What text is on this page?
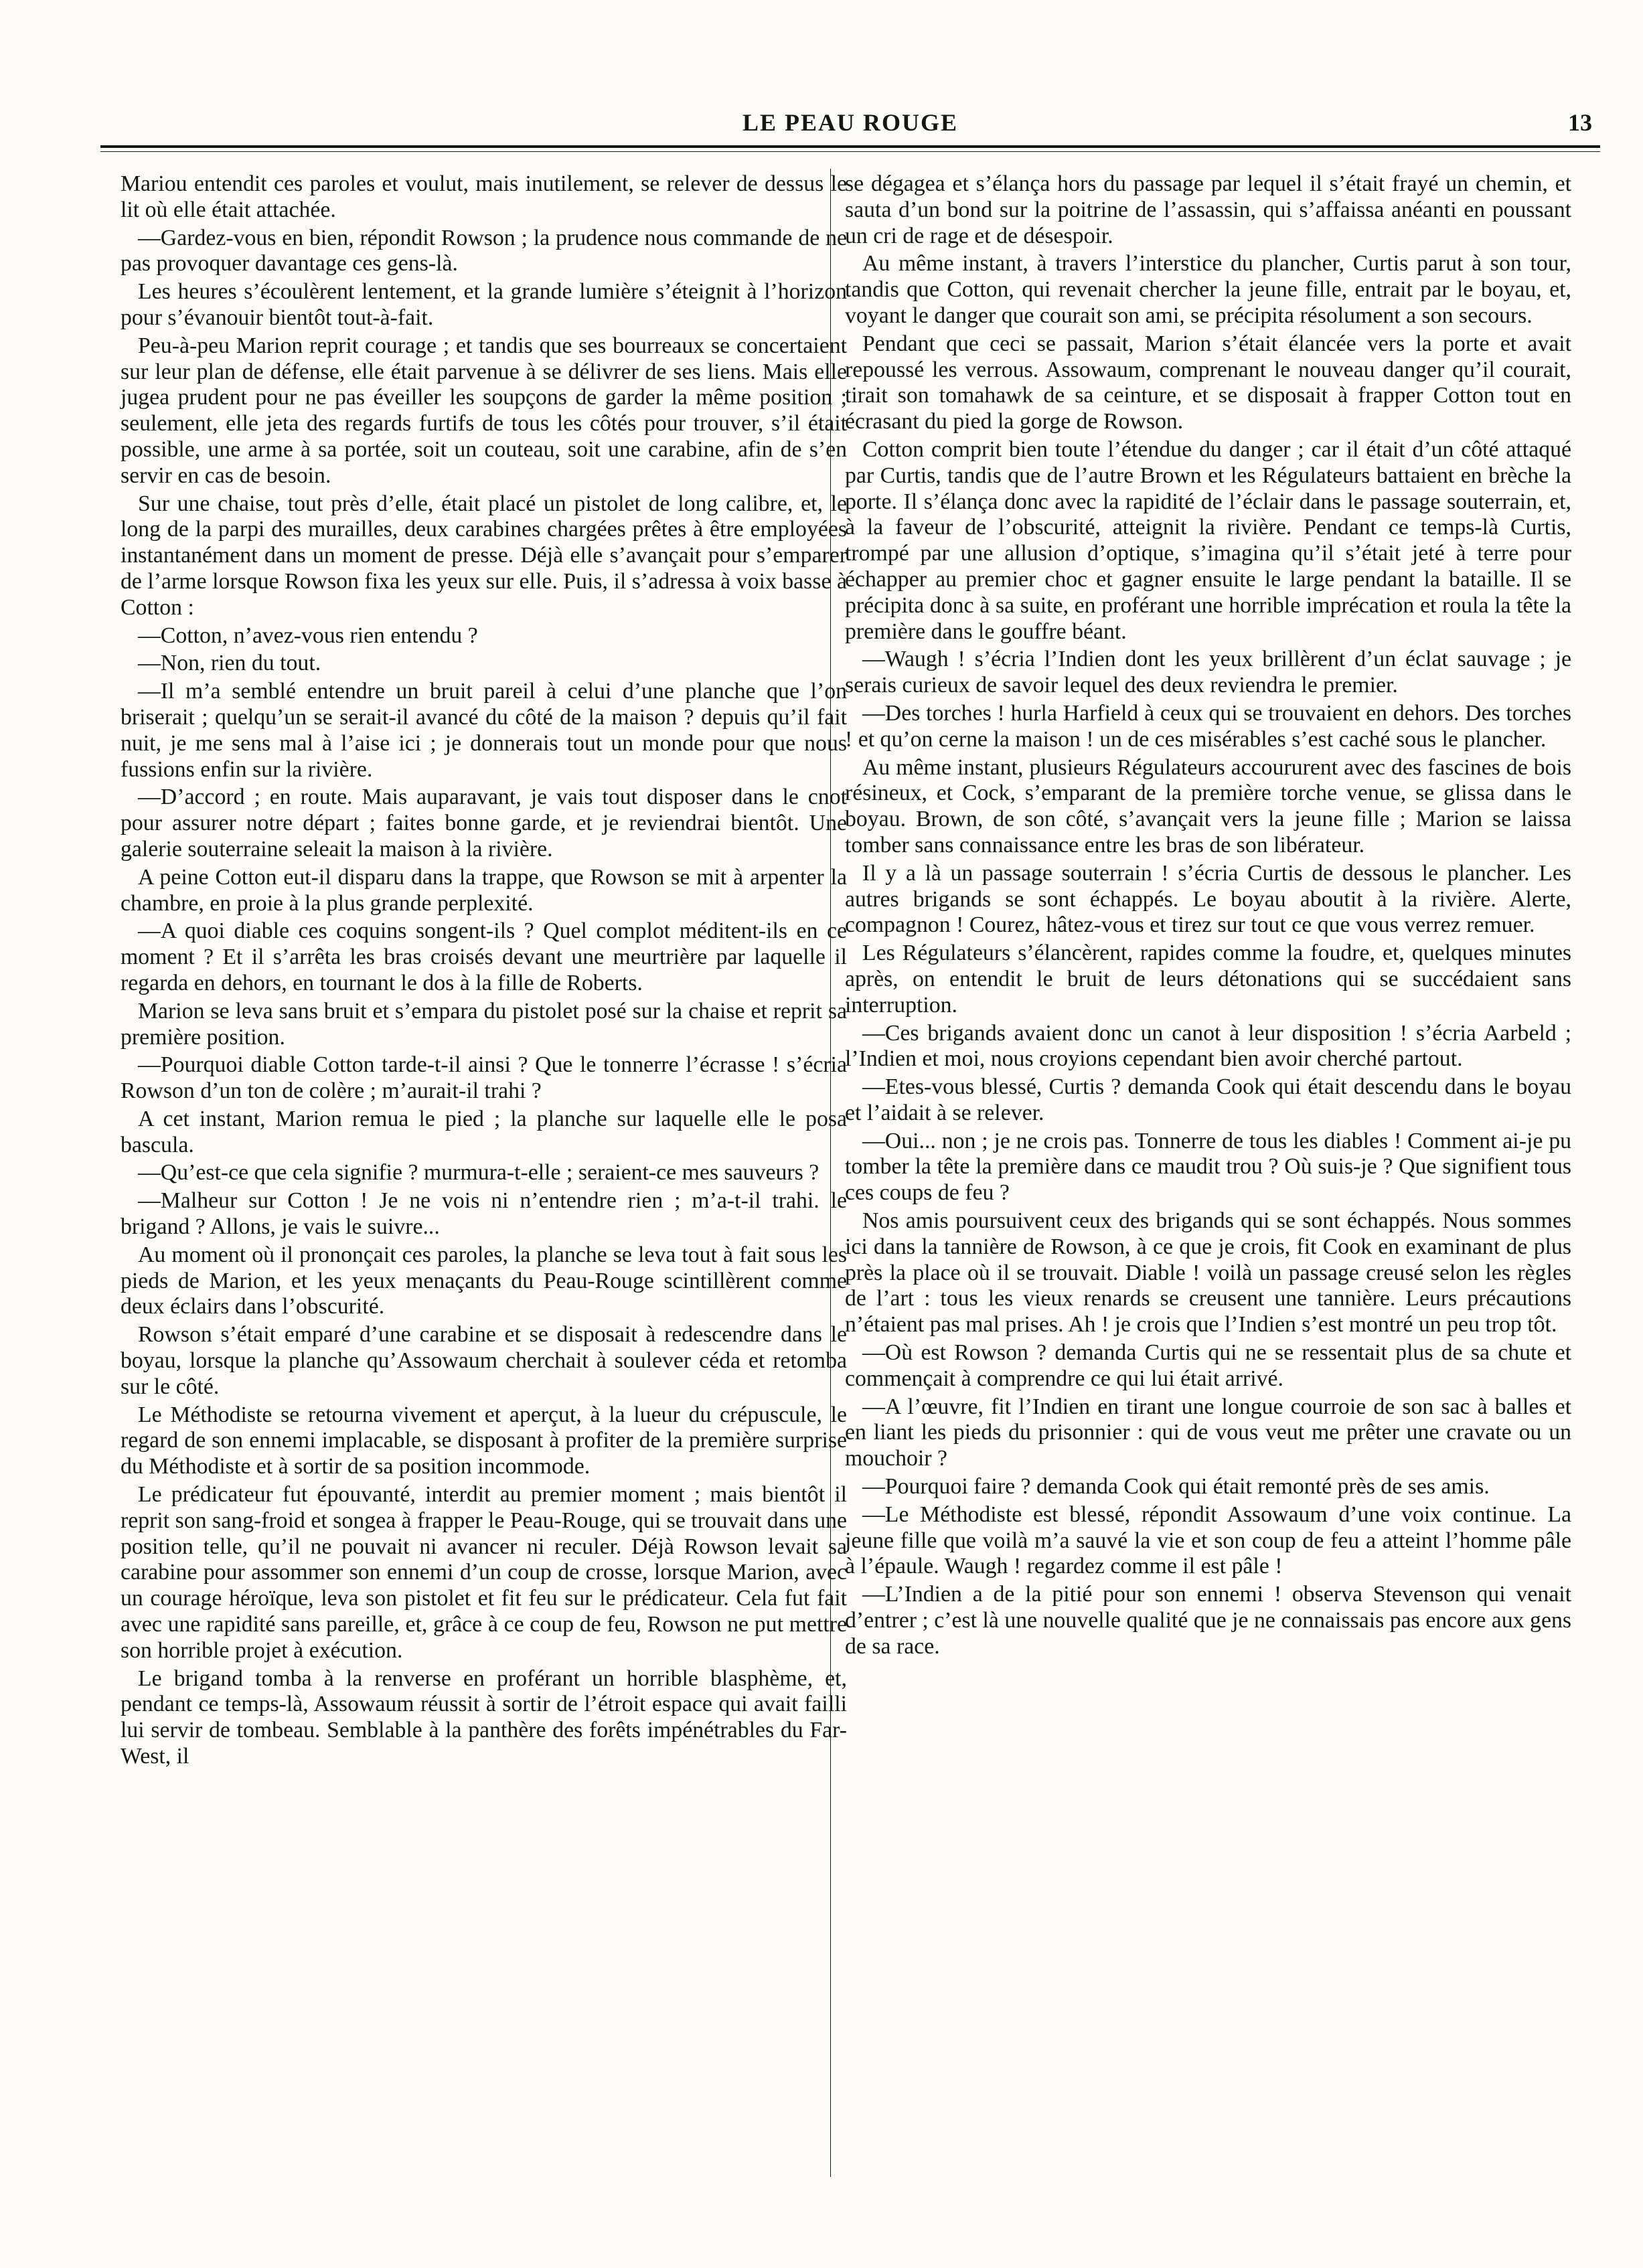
LE PEAU ROUGE	13

Mariou entendit ces paroles et voulut, mais inutilement, se relever de dessus le lit où elle était attachée.

—Gardez-vous en bien, répondit Rowson ; la prudence nous commande de ne pas provoquer davantage ces gens-là.

Les heures s’écoulèrent lentement, et la grande lumière s’éteignit à l’horizon pour s’évanouir bientôt tout-à-fait.

Peu-à-peu Marion reprit courage ; et tandis que ses bourreaux se concertaient sur leur plan de défense, elle était parvenue à se délivrer de ses liens. Mais elle jugea prudent pour ne pas éveiller les soupçons de garder la même position ; seulement, elle jeta des regards furtifs de tous les côtés pour trouver, s’il était possible, une arme à sa portée, soit un couteau, soit une carabine, afin de s’en servir en cas de besoin.

Sur une chaise, tout près d’elle, était placé un pistolet de long calibre, et, le long de la parpi des murailles, deux carabines chargées prêtes à être employées instantanément dans un moment de presse. Déjà elle s’avançait pour s’emparer de l’arme lorsque Rowson fixa les yeux sur elle. Puis, il s’adressa à voix basse à Cotton :

—Cotton, n’avez-vous rien entendu ?

—Non, rien du tout.

—Il m’a semblé entendre un bruit pareil à celui d’une planche que l’on briserait ; quelqu’un se serait-il avancé du côté de la maison ? depuis qu’il fait nuit, je me sens mal à l’aise ici ; je donnerais tout un monde pour que nous fussions enfin sur la rivière.

—D’accord ; en route. Mais auparavant, je vais tout disposer dans le cnot pour assurer notre départ ; faites bonne garde, et je reviendrai bientôt. Une galerie souterraine seleait la maison à la rivière.

A peine Cotton eut-il disparu dans la trappe, que Rowson se mit à arpenter la chambre, en proie à la plus grande perplexité.

—A quoi diable ces coquins songent-ils ? Quel complot méditent-ils en ce moment ? Et il s’arrêta les bras croisés devant une meurtrière par laquelle il regarda en dehors, en tournant le dos à la fille de Roberts.

Marion se leva sans bruit et s’empara du pistolet posé sur la chaise et reprit sa première position.

—Pourquoi diable Cotton tarde-t-il ainsi ? Que le tonnerre l’écrasse ! s’écria Rowson d’un ton de colère ; m’aurait-il trahi ?

A cet instant, Marion remua le pied ; la planche sur laquelle elle le posa bascula.

—Qu’est-ce que cela signifie ? murmura-t-elle ; seraient-ce mes sauveurs ?

—Malheur sur Cotton ! Je ne vois ni n’entendre rien ; m’a-t-il trahi. le brigand ? Allons, je vais le suivre...

Au moment où il prononçait ces paroles, la planche se leva tout à fait sous les pieds de Marion, et les yeux menaçants du Peau-Rouge scintillèrent comme deux éclairs dans l’obscurité.

Rowson s’était emparé d’une carabine et se disposait à redescendre dans le boyau, lorsque la planche qu’Assowaum cherchait à soulever céda et retomba sur le côté.

Le Méthodiste se retourna vivement et aperçut, à la lueur du crépuscule, le regard de son ennemi implacable, se disposant à profiter de la première surprise du Méthodiste et à sortir de sa position incommode.

Le prédicateur fut épouvanté, interdit au premier moment ; mais bientôt il reprit son sang-froid et songea à frapper le Peau-Rouge, qui se trouvait dans une position telle, qu’il ne pouvait ni avancer ni reculer. Déjà Rowson levait sa carabine pour assommer son ennemi d’un coup de crosse, lorsque Marion, avec un courage héroïque, leva son pistolet et fit feu sur le prédicateur. Cela fut fait avec une rapidité sans pareille, et, grâce à ce coup de feu, Rowson ne put mettre son horrible projet à exécution.

Le brigand tomba à la renverse en proférant un horrible blasphème, et, pendant ce temps-là, Assowaum réussit à sortir de l’étroit espace qui avait failli lui servir de tombeau. Semblable à la panthère des forêts impénétrables du Far-West, il

se dégagea et s’élança hors du passage par lequel il s’était frayé un chemin, et sauta d’un bond sur la poitrine de l’assassin, qui s’affaissa anéanti en poussant un cri de rage et de désespoir.

Au même instant, à travers l’interstice du plancher, Curtis parut à son tour, tandis que Cotton, qui revenait chercher la jeune fille, entrait par le boyau, et, voyant le danger que courait son ami, se précipita résolument a son secours.

Pendant que ceci se passait, Marion s’était élancée vers la porte et avait repoussé les verrous. Assowaum, comprenant le nouveau danger qu’il courait, tirait son tomahawk de sa ceinture, et se disposait à frapper Cotton tout en écrasant du pied la gorge de Rowson.

Cotton comprit bien toute l’étendue du danger ; car il était d’un côté attaqué par Curtis, tandis que de l’autre Brown et les Régulateurs battaient en brèche la porte. Il s’élança donc avec la rapidité de l’éclair dans le passage souterrain, et, à la faveur de l’obscurité, atteignit la rivière. Pendant ce temps-là Curtis, trompé par une allusion d’optique, s’imagina qu’il s’était jeté à terre pour échapper au premier choc et gagner ensuite le large pendant la bataille. Il se précipita donc à sa suite, en proférant une horrible imprécation et roula la tête la première dans le gouffre béant.

—Waugh ! s’écria l’Indien dont les yeux brillèrent d’un éclat sauvage ; je serais curieux de savoir lequel des deux reviendra le premier.

—Des torches ! hurla Harfield à ceux qui se trouvaient en dehors. Des torches ! et qu’on cerne la maison ! un de ces misérables s’est caché sous le plancher.

Au même instant, plusieurs Régulateurs accoururent avec des fascines de bois résineux, et Cock, s’emparant de la première torche venue, se glissa dans le boyau. Brown, de son côté, s’avançait vers la jeune fille ; Marion se laissa tomber sans connaissance entre les bras de son libérateur.

Il y a là un passage souterrain ! s’écria Curtis de dessous le plancher. Les autres brigands se sont échappés. Le boyau aboutit à la rivière. Alerte, compagnon ! Courez, hâtez-vous et tirez sur tout ce que vous verrez remuer.

Les Régulateurs s’élancèrent, rapides comme la foudre, et, quelques minutes après, on entendit le bruit de leurs détonations qui se succédaient sans interruption.

—Ces brigands avaient donc un canot à leur disposition ! s’écria Aarbeld ; l’Indien et moi, nous croyions cependant bien avoir cherché partout.

—Etes-vous blessé, Curtis ? demanda Cook qui était descendu dans le boyau et l’aidait à se relever.

—Oui... non ; je ne crois pas. Tonnerre de tous les diables ! Comment ai-je pu tomber la tête la première dans ce maudit trou ? Où suis-je ? Que signifient tous ces coups de feu ?

Nos amis poursuivent ceux des brigands qui se sont échappés. Nous sommes ici dans la tannière de Rowson, à ce que je crois, fit Cook en examinant de plus près la place où il se trouvait. Diable ! voilà un passage creusé selon les règles de l’art : tous les vieux renards se creusent une tannière. Leurs précautions n’étaient pas mal prises. Ah ! je crois que l’Indien s’est montré un peu trop tôt.

—Où est Rowson ? demanda Curtis qui ne se ressentait plus de sa chute et commençait à comprendre ce qui lui était arrivé.

—A l’œuvre, fit l’Indien en tirant une longue courroie de son sac à balles et en liant les pieds du prisonnier : qui de vous veut me prêter une cravate ou un mouchoir ?

—Pourquoi faire ? demanda Cook qui était remonté près de ses amis.

—Le Méthodiste est blessé, répondit Assowaum d’une voix continue. La jeune fille que voilà m’a sauvé la vie et son coup de feu a atteint l’homme pâle à l’épaule. Waugh ! regardez comme il est pâle !

—L’Indien a de la pitié pour son ennemi ! observa Stevenson qui venait d’entrer ; c’est là une nouvelle qualité que je ne connaissais pas encore aux gens de sa race.
